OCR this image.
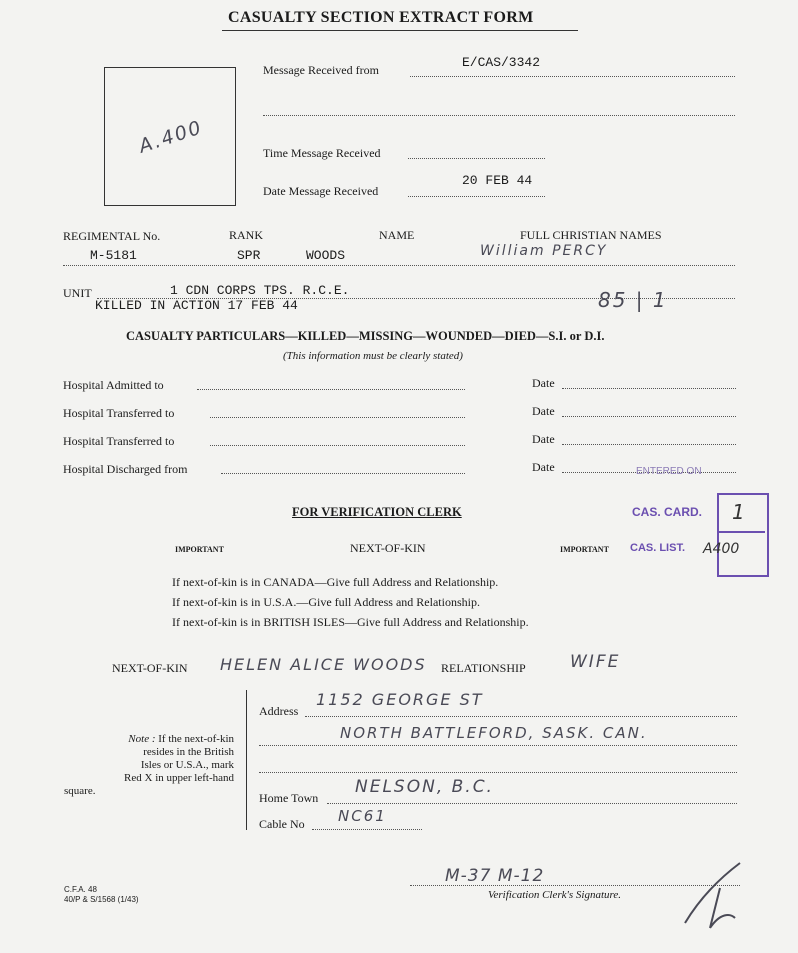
CASUALTY SECTION EXTRACT FORM
A.400
Message Received from	E/CAS/3342
Time Message Received
Date Message Received
20 FEB 44
REGIMENTAL No.	RANK	NAME	FULL CHRISTIAN NAMES
M-5181	SPR	WOODS	William PERCY
UNIT	1 CDN CORPS TPS. R.C.E.
KILLED IN ACTION 17 FEB 44	85 | 1
CASUALTY PARTICULARS—KILLED—MISSING—WOUNDED—DIED—S.I. or D.I.
(This information must be clearly stated)
Hospital Admitted to	Date
Hospital Transferred to	Date
Hospital Transferred to	Date
Hospital Discharged from	Date	ENTERED ON
FOR VERIFICATION CLERK	CAS. CARD.
CAS. LIST.
1
A400
IMPORTANT	NEXT-OF-KIN	IMPORTANT
If next-of-kin is in CANADA—Give full Address and Relationship.
If next-of-kin is in U.S.A.—Give full Address and Relationship.
If next-of-kin is in BRITISH ISLES—Give full Address and Relationship.
NEXT-OF-KIN HELEN ALICE WOODS RELATIONSHIP	WIFE
Note : If the next-of-kin
resides in the British
Isles or U.S.A., mark
Red X in upper left-hand
square.
Address
1152 GEORGE ST
NORTH BATTLEFORD, SASK. CAN.
Home Town
NELSON, B.C.
Cable No NC61
C.F.A. 48
40/P & S/1568 (1/43)
M-37 M-12
Verification Clerk's Signature.
